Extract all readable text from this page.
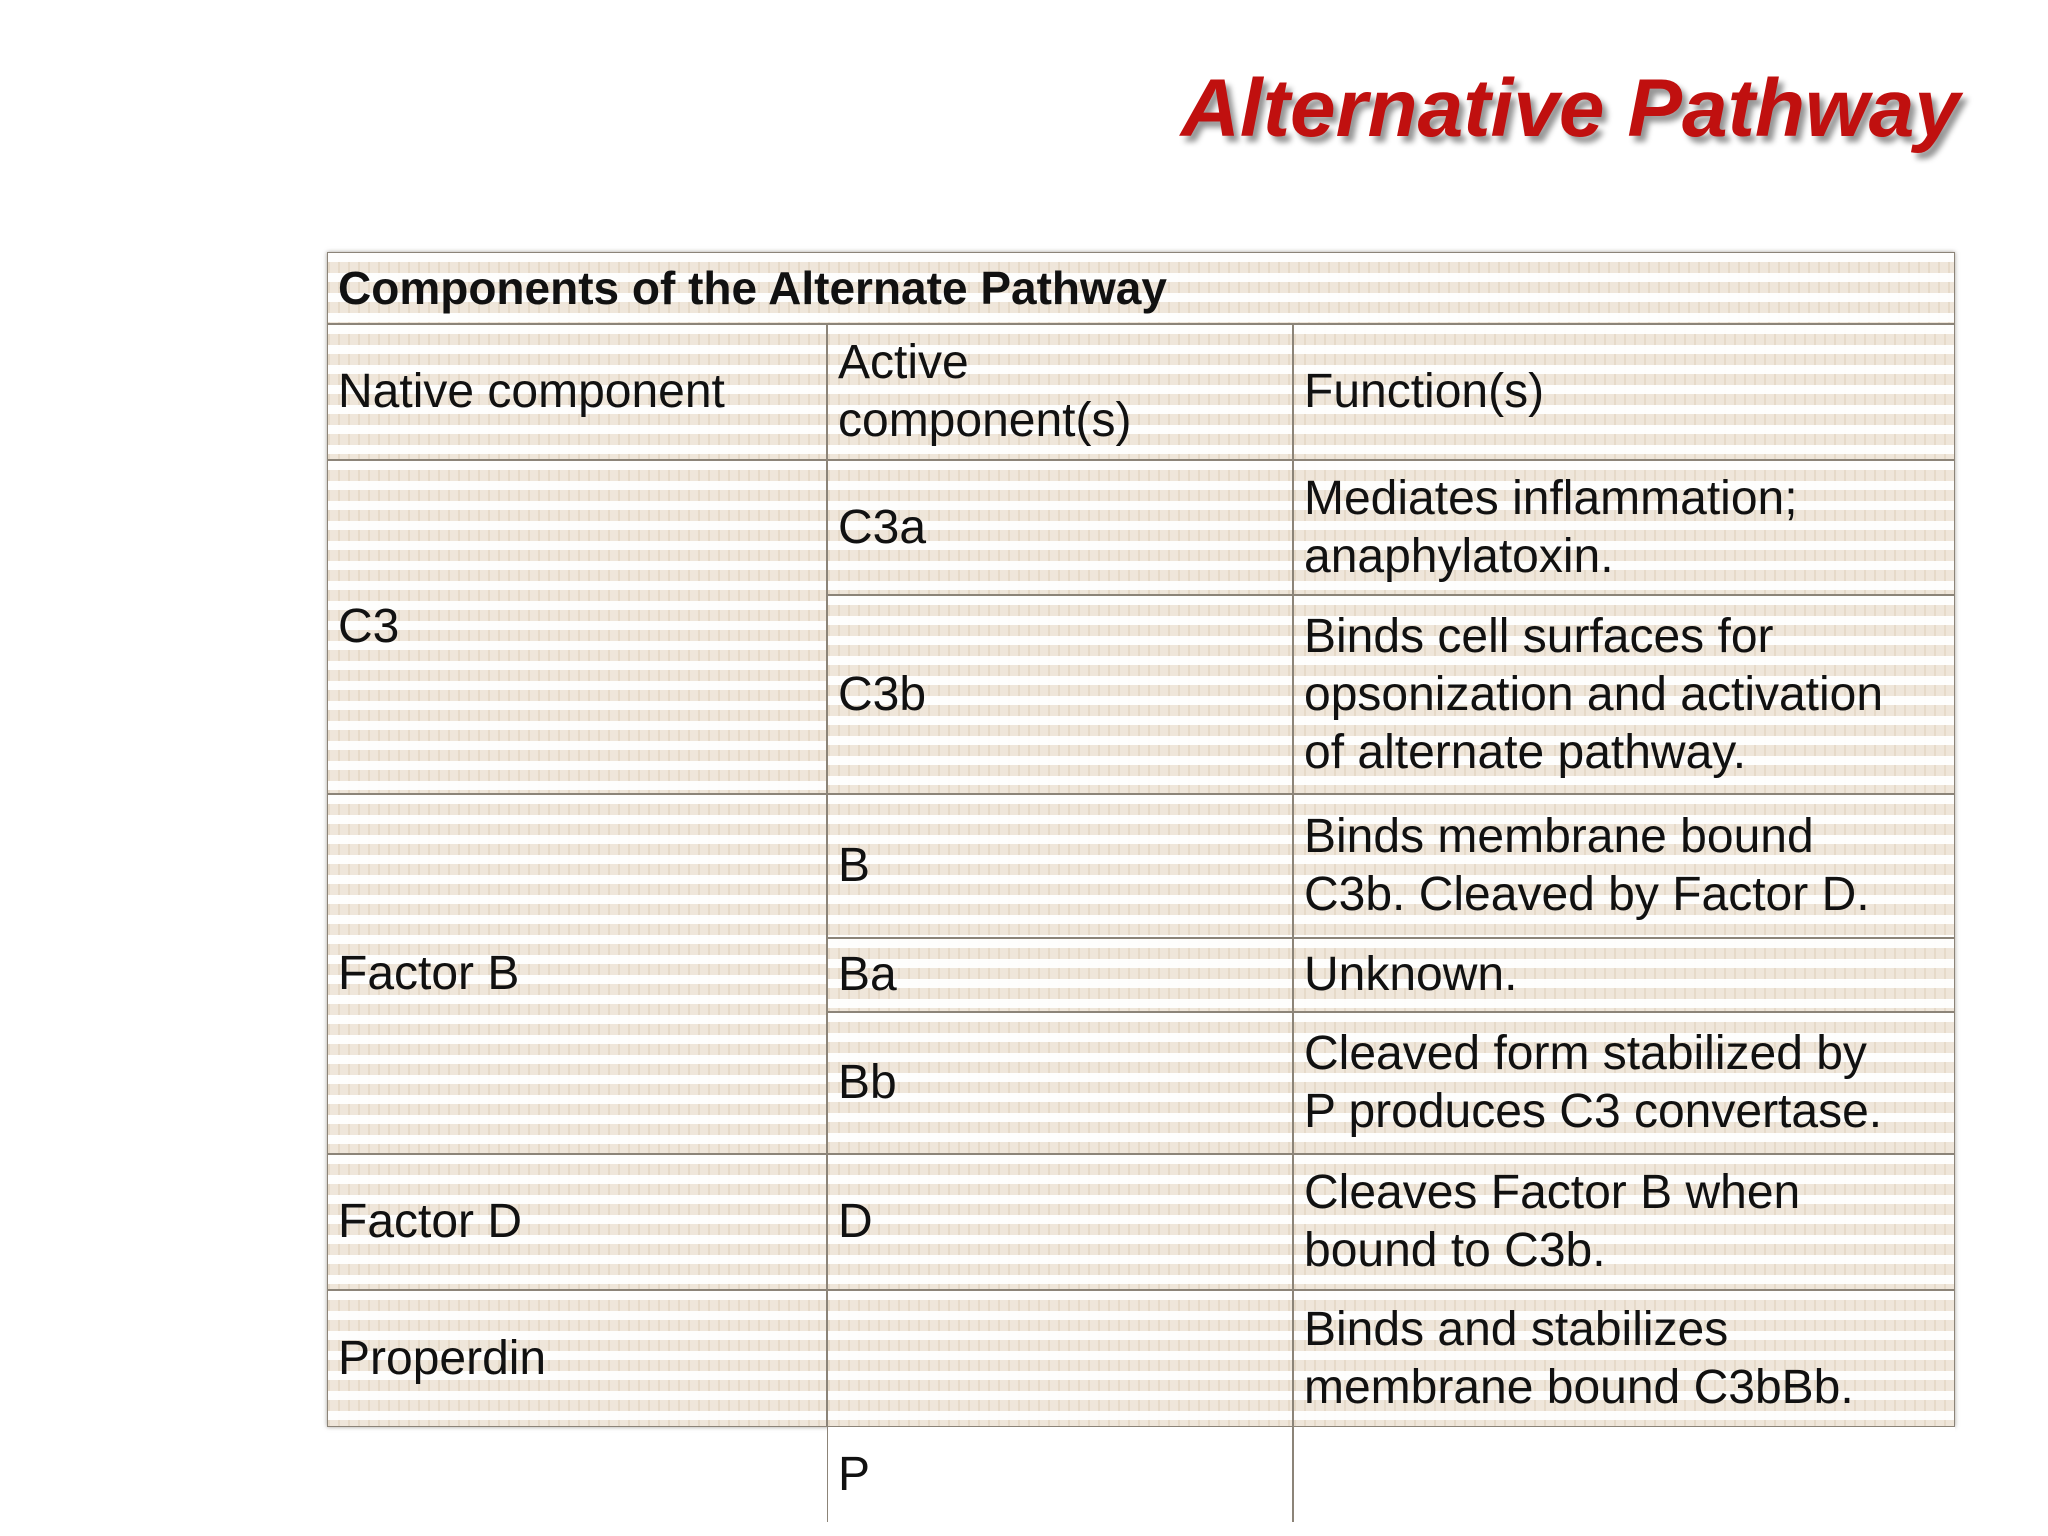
Alternative Pathway
Components of the Alternate Pathway
Native component
Active
component(s)
Function(s)
C3
C3a
Mediates inflammation;
anaphylatoxin.
C3b
Binds cell surfaces for
opsonization and activation
of alternate pathway.
Factor B
B
Binds membrane bound
C3b. Cleaved by Factor D.
Ba	Unknown.
Bb
Cleaved form stabilized by
P produces C3 convertase.
Factor D	D
Cleaves Factor B when
bound to C3b.
Properdin
Binds and stabilizes
membrane bound C3bBb.
P
